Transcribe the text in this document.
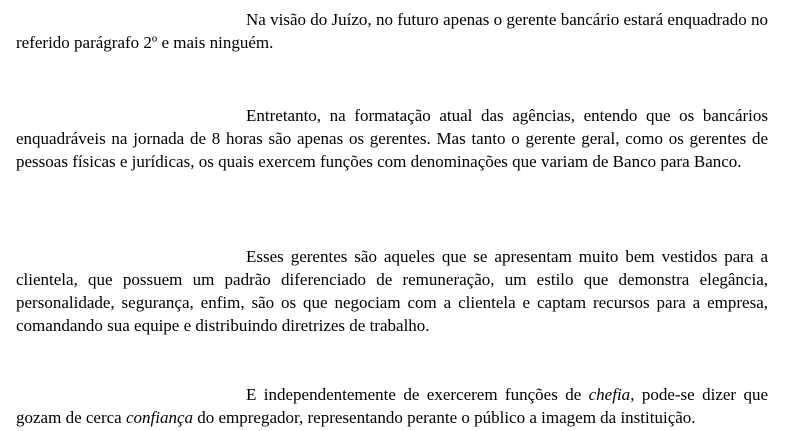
Na visão do Juízo, no futuro apenas o gerente bancário estará enquadrado no referido parágrafo 2º e mais ninguém.

Entretanto, na formatação atual das agências, entendo que os bancários enquadráveis na jornada de 8 horas são apenas os gerentes. Mas tanto o gerente geral, como os gerentes de pessoas físicas e jurídicas, os quais exercem funções com denominações que variam de Banco para Banco.

Esses gerentes são aqueles que se apresentam muito bem vestidos para a clientela, que possuem um padrão diferenciado de remuneração, um estilo que demonstra elegância, personalidade, segurança, enfim, são os que negociam com a clientela e captam recursos para a empresa, comandando sua equipe e distribuindo diretrizes de trabalho.

E independentemente de exercerem funções de chefia, pode-se dizer que gozam de cerca confiança do empregador, representando perante o público a imagem da instituição.
